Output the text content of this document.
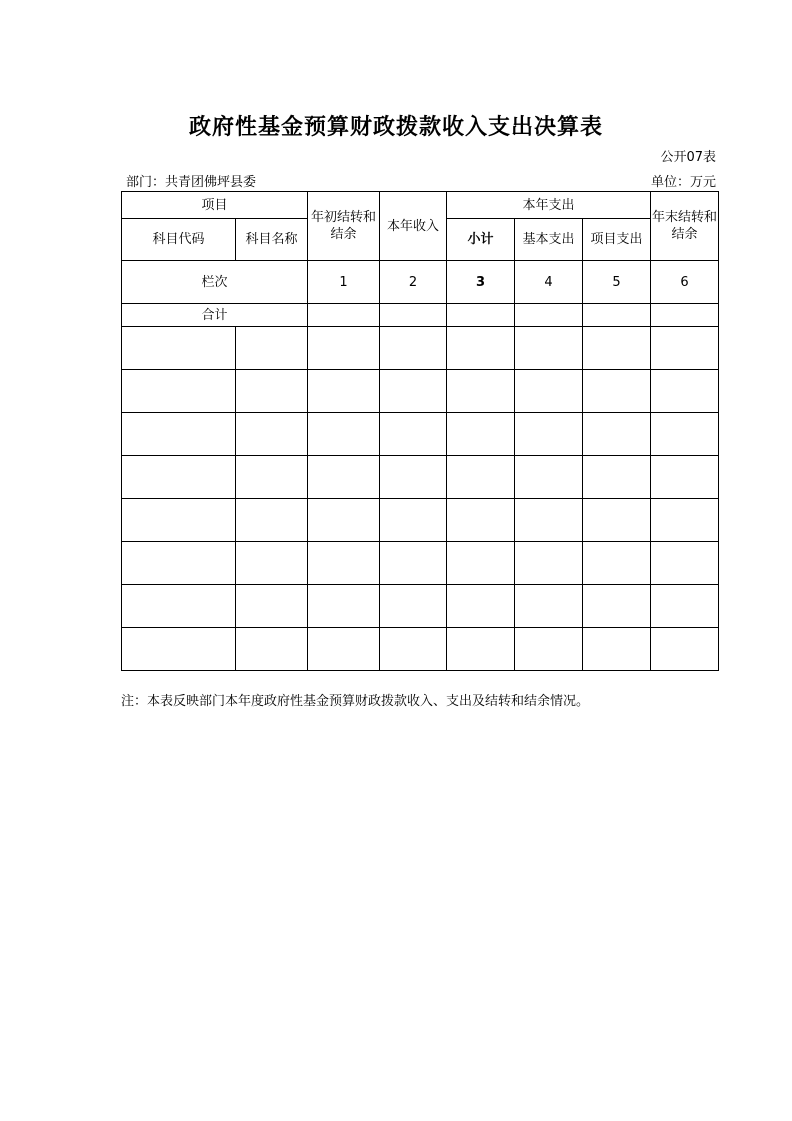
政府性基金预算财政拨款收入支出决算表
公开07表
部门：共青团佛坪县委	单位：万元
项目		年初结转和结余	本年收入	本年支出			年末结转和结余
科目代码	科目名称			小计	基本支出	项目支出	
栏次		1	2	3	4	5	6
合计							

注：本表反映部门本年度政府性基金预算财政拨款收入、支出及结转和结余情况。
